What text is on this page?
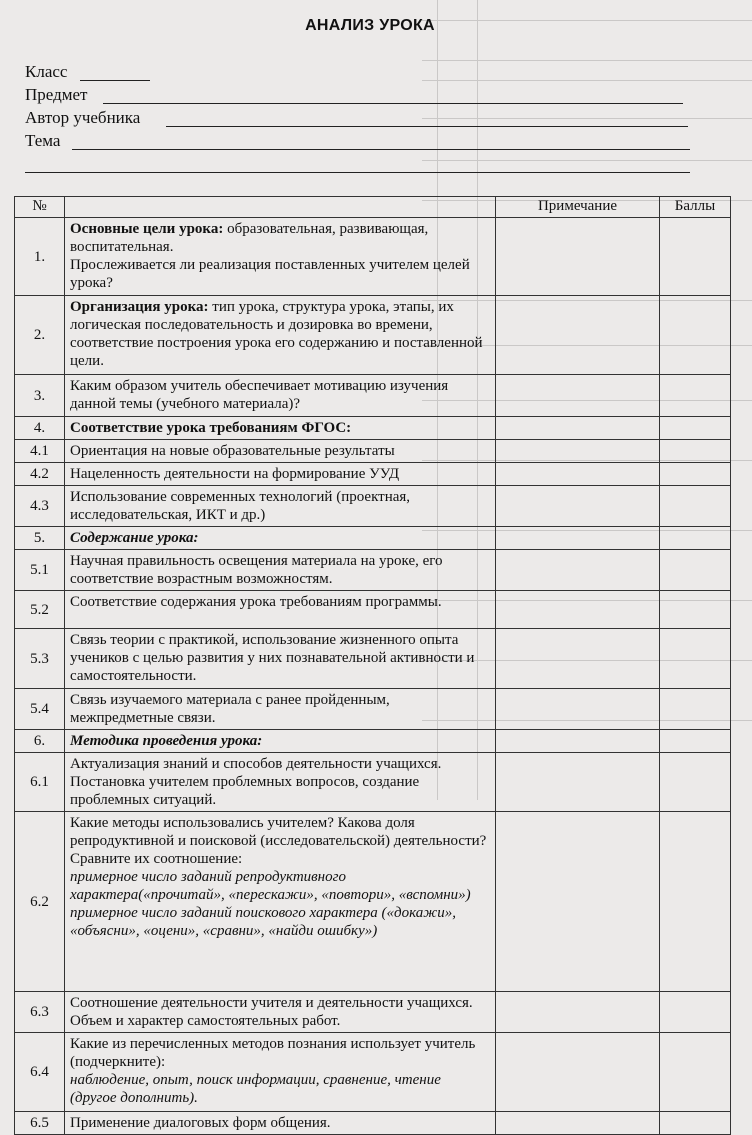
АНАЛИЗ УРОКА
Класс
Предмет
Автор учебника
Тема
№		Примечание	Баллы
1.	Основные цели урока: образовательная, развивающая, воспитательная.
Прослеживается ли реализация поставленных учителем целей урока?		
2.	Организация урока: тип урока, структура урока, этапы, их логическая последовательность и дозировка во времени, соответствие построения урока его содержанию и поставленной цели.		
3.	Каким образом учитель обеспечивает мотивацию изучения данной темы (учебного материала)?		
4.	Соответствие урока требованиям ФГОС:		
4.1	Ориентация на новые образовательные результаты		
4.2	Нацеленность деятельности на формирование УУД		
4.3	Использование современных технологий (проектная, исследовательская, ИКТ и др.)		
5.	Содержание урока:		
5.1	Научная правильность освещения материала на уроке, его соответствие возрастным возможностям.		
5.2	Соответствие содержания урока требованиям программы.		
5.3	Связь теории с практикой, использование жизненного опыта учеников с целью развития у них познавательной активности и самостоятельности.		
5.4	Связь изучаемого материала с ранее пройденным, межпредметные связи.		
6.	Методика проведения урока:		
6.1	Актуализация знаний и способов деятельности учащихся. Постановка учителем проблемных вопросов, создание проблемных ситуаций.		
6.2	Какие методы использовались учителем? Какова доля репродуктивной и поисковой (исследовательской) деятельности? Сравните их соотношение:
примерное число заданий репродуктивного характера(«прочитай», «перескажи», «повтори», «вспомни»)
примерное число заданий поискового характера («докажи», «объясни», «оцени», «сравни», «найди ошибку»)		
6.3	Соотношение деятельности учителя и деятельности учащихся. Объем и характер самостоятельных работ.		
6.4	Какие из перечисленных методов познания использует учитель (подчеркните):
наблюдение, опыт, поиск информации, сравнение, чтение (другое дополнить).		
6.5	Применение диалоговых форм общения.		
